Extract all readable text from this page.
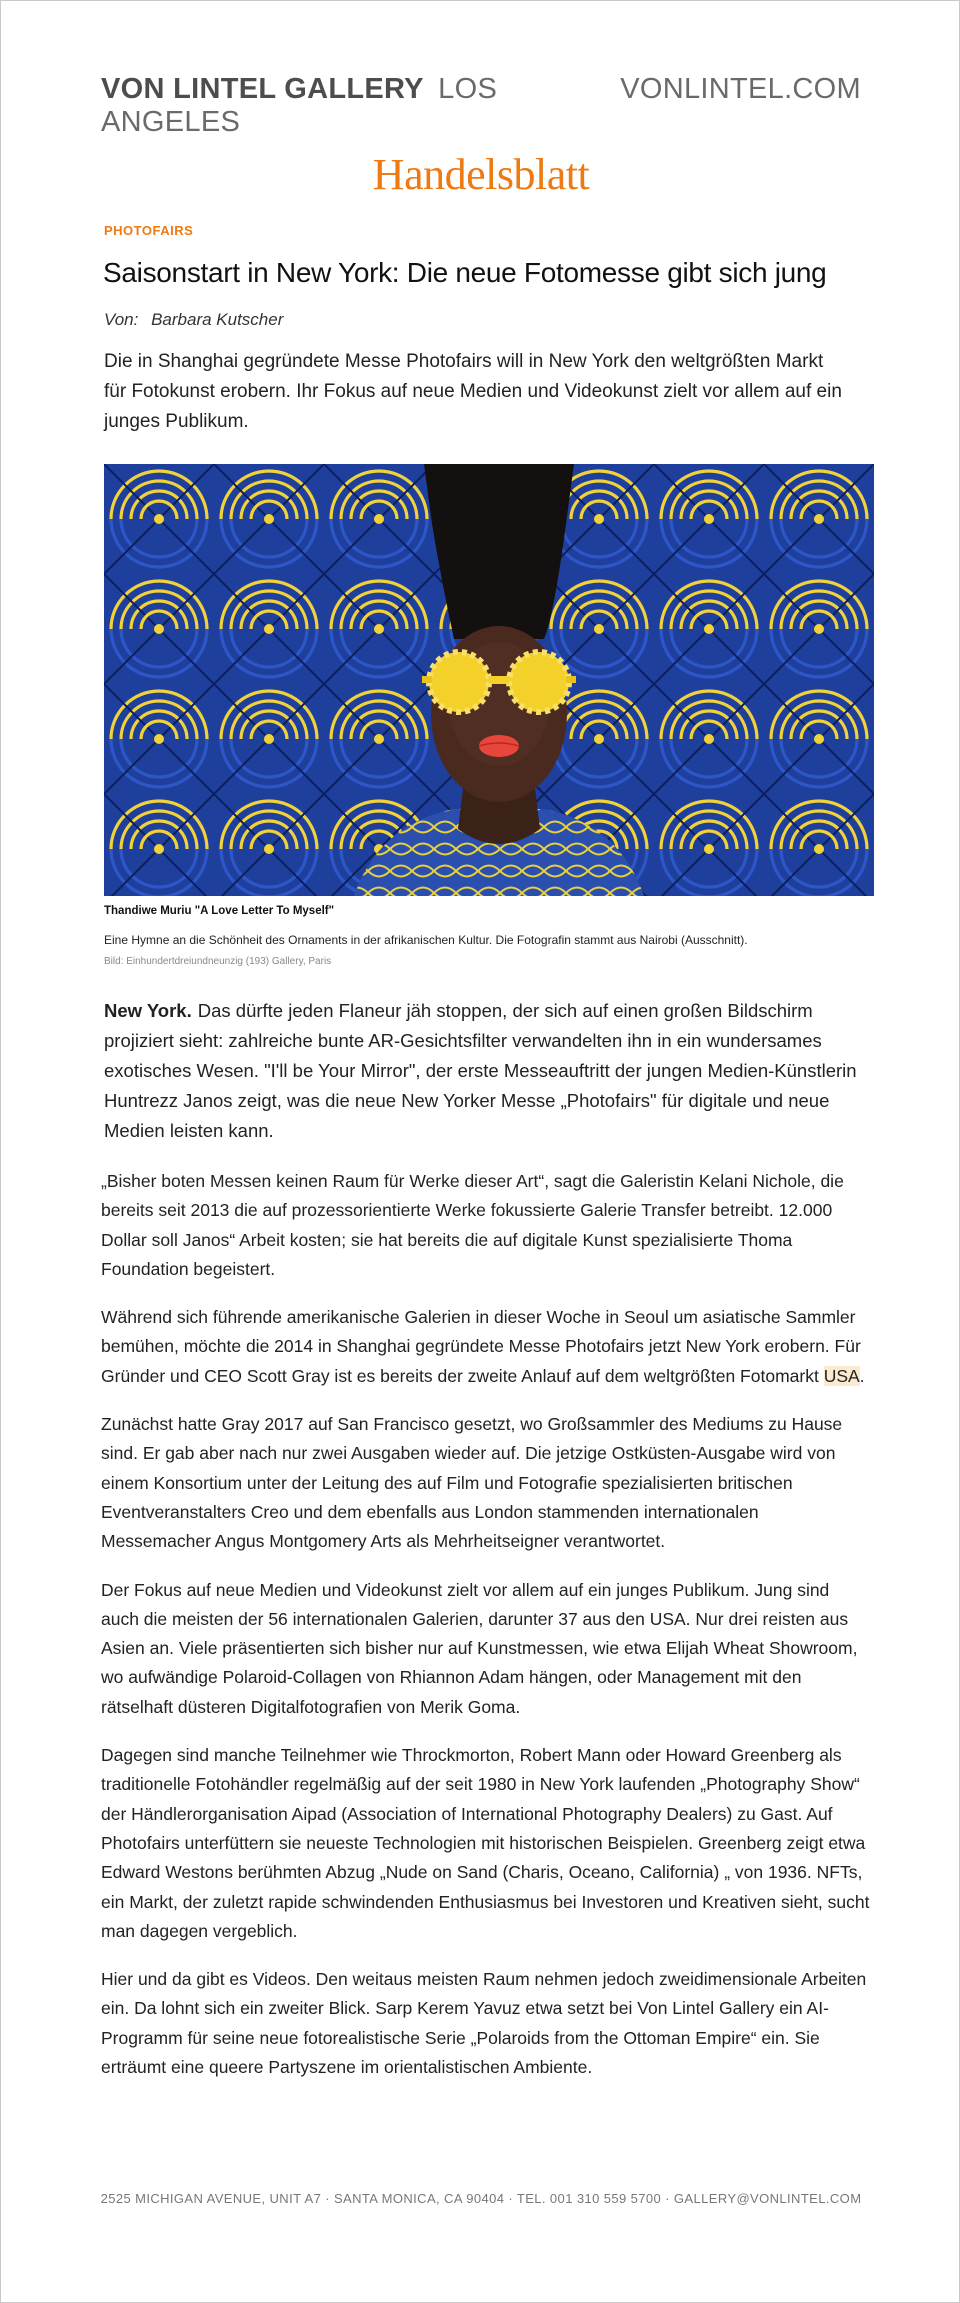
VON LINTEL GALLERY LOS ANGELES
VONLINTEL.COM
Handelsblatt
PHOTOFAIRS
Saisonstart in New York: Die neue Fotomesse gibt sich jung
Von: Barbara Kutscher
Die in Shanghai gegründete Messe Photofairs will in New York den weltgrößten Markt für Fotokunst erobern. Ihr Fokus auf neue Medien und Videokunst zielt vor allem auf ein junges Publikum.
Thandiwe Muriu "A Love Letter To Myself"
Eine Hymne an die Schönheit des Ornaments in der afrikanischen Kultur. Die Fotografin stammt aus Nairobi (Ausschnitt).
Bild: Einhundertdreiundneunzig (193) Gallery, Paris
New York. Das dürfte jeden Flaneur jäh stoppen, der sich auf einen großen Bildschirm projiziert sieht: zahlreiche bunte AR-Gesichtsfilter verwandelten ihn in ein wundersames exotisches Wesen. "I'll be Your Mirror", der erste Messeauftritt der jungen Medien-Künstlerin Huntrezz Janos zeigt, was die neue New Yorker Messe „Photofairs" für digitale und neue Medien leisten kann.

„Bisher boten Messen keinen Raum für Werke dieser Art“, sagt die Galeristin Kelani Nichole, die bereits seit 2013 die auf prozessorientierte Werke fokussierte Galerie Transfer betreibt. 12.000 Dollar soll Janos“ Arbeit kosten; sie hat bereits die auf digitale Kunst spezialisierte Thoma Foundation begeistert.

Während sich führende amerikanische Galerien in dieser Woche in Seoul um asiatische Sammler bemühen, möchte die 2014 in Shanghai gegründete Messe Photofairs jetzt New York erobern. Für Gründer und CEO Scott Gray ist es bereits der zweite Anlauf auf dem weltgrößten Fotomarkt USA.

Zunächst hatte Gray 2017 auf San Francisco gesetzt, wo Großsammler des Mediums zu Hause sind. Er gab aber nach nur zwei Ausgaben wieder auf. Die jetzige Ostküsten-Ausgabe wird von einem Konsortium unter der Leitung des auf Film und Fotografie spezialisierten britischen Eventveranstalters Creo und dem ebenfalls aus London stammenden internationalen Messemacher Angus Montgomery Arts als Mehrheitseigner verantwortet.

Der Fokus auf neue Medien und Videokunst zielt vor allem auf ein junges Publikum. Jung sind auch die meisten der 56 internationalen Galerien, darunter 37 aus den USA. Nur drei reisten aus Asien an. Viele präsentierten sich bisher nur auf Kunstmessen, wie etwa Elijah Wheat Showroom, wo aufwändige Polaroid-Collagen von Rhiannon Adam hängen, oder Management mit den rätselhaft düsteren Digitalfotografien von Merik Goma.

Dagegen sind manche Teilnehmer wie Throckmorton, Robert Mann oder Howard Greenberg als traditionelle Fotohändler regelmäßig auf der seit 1980 in New York laufenden „Photography Show“ der Händlerorganisation Aipad (Association of International Photography Dealers) zu Gast. Auf Photofairs unterfüttern sie neueste Technologien mit historischen Beispielen. Greenberg zeigt etwa Edward Westons berühmten Abzug „Nude on Sand (Charis, Oceano, California) „ von 1936. NFTs, ein Markt, der zuletzt rapide schwindenden Enthusiasmus bei Investoren und Kreativen sieht, sucht man dagegen vergeblich.

Hier und da gibt es Videos. Den weitaus meisten Raum nehmen jedoch zweidimensionale Arbeiten ein. Da lohnt sich ein zweiter Blick. Sarp Kerem Yavuz etwa setzt bei Von Lintel Gallery ein AI-Programm für seine neue fotorealistische Serie „Polaroids from the Ottoman Empire“ ein. Sie erträumt eine queere Partyszene im orientalistischen Ambiente.

2525 MICHIGAN AVENUE, UNIT A7 · SANTA MONICA, CA 90404 · TEL. 001 310 559 5700 · GALLERY@VONLINTEL.COM
